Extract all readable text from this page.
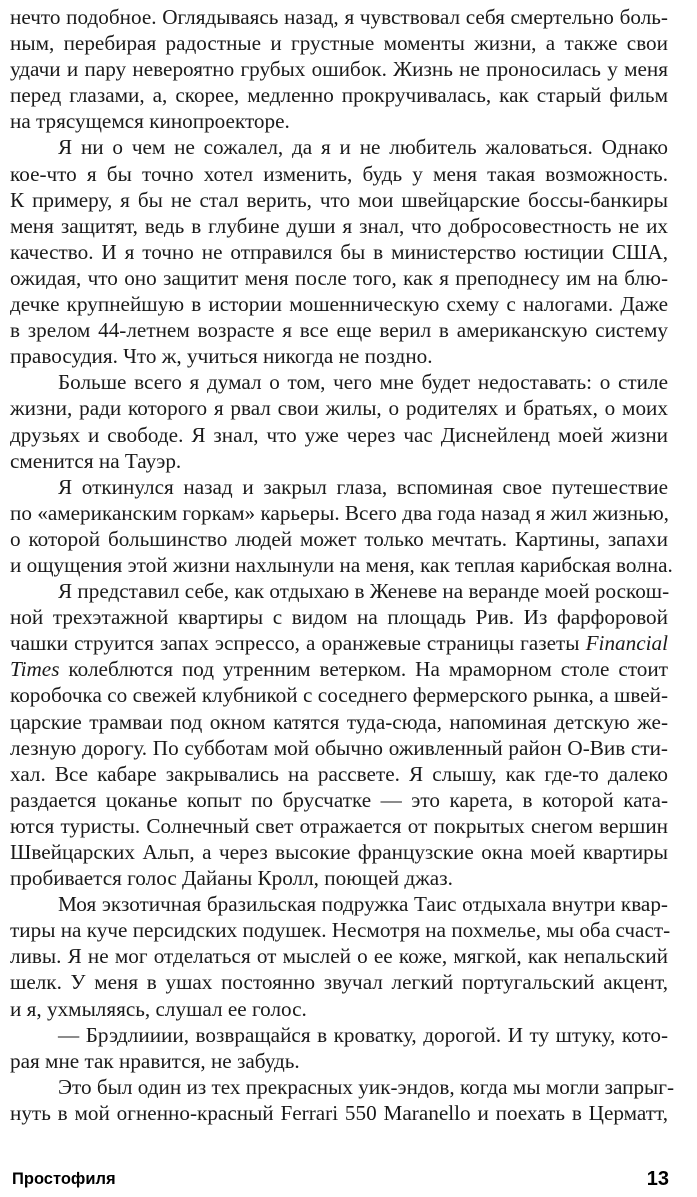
нечто подобное. Оглядываясь назад, я чувствовал себя смертельно боль-
ным, перебирая радостные и грустные моменты жизни, а также свои
удачи и пару невероятно грубых ошибок. Жизнь не проносилась у меня
перед глазами, а, скорее, медленно прокручивалась, как старый фильм
на трясущемся кинопроекторе.
Я ни о чем не сожалел, да я и не любитель жаловаться. Однако
кое-что я бы точно хотел изменить, будь у меня такая возможность.
К примеру, я бы не стал верить, что мои швейцарские боссы-банкиры
меня защитят, ведь в глубине души я знал, что добросовестность не их
качество. И я точно не отправился бы в министерство юстиции США,
ожидая, что оно защитит меня после того, как я преподнесу им на блю-
дечке крупнейшую в истории мошенническую схему с налогами. Даже
в зрелом 44-летнем возрасте я все еще верил в американскую систему
правосудия. Что ж, учиться никогда не поздно.
Больше всего я думал о том, чего мне будет недоставать: о стиле
жизни, ради которого я рвал свои жилы, о родителях и братьях, о моих
друзьях и свободе. Я знал, что уже через час Диснейленд моей жизни
сменится на Тауэр.
Я откинулся назад и закрыл глаза, вспоминая свое путешествие
по «американским горкам» карьеры. Всего два года назад я жил жизнью,
о которой большинство людей может только мечтать. Картины, запахи
и ощущения этой жизни нахлынули на меня, как теплая карибская волна.
Я представил себе, как отдыхаю в Женеве на веранде моей роскош-
ной трехэтажной квартиры с видом на площадь Рив. Из фарфоровой
чашки струится запах эспрессо, а оранжевые страницы газеты Financial
Times колеблются под утренним ветерком. На мраморном столе стоит
коробочка со свежей клубникой с соседнего фермерского рынка, а швей-
царские трамваи под окном катятся туда-сюда, напоминая детскую же-
лезную дорогу. По субботам мой обычно оживленный район О-Вив сти-
хал. Все кабаре закрывались на рассвете. Я слышу, как где-то далеко
раздается цоканье копыт по брусчатке — это карета, в которой ката-
ются туристы. Солнечный свет отражается от покрытых снегом вершин
Швейцарских Альп, а через высокие французские окна моей квартиры
пробивается голос Дайаны Кролл, поющей джаз.
Моя экзотичная бразильская подружка Таис отдыхала внутри квар-
тиры на куче персидских подушек. Несмотря на похмелье, мы оба счаст-
ливы. Я не мог отделаться от мыслей о ее коже, мягкой, как непальский
шелк. У меня в ушах постоянно звучал легкий португальский акцент,
и я, ухмыляясь, слушал ее голос.
— Брэдлииии, возвращайся в кроватку, дорогой. И ту штуку, кото-
рая мне так нравится, не забудь.
Это был один из тех прекрасных уик-эндов, когда мы могли запрыг-
нуть в мой огненно-красный Ferrari 550 Maranello и поехать в Церматт,
Простофиля	13
